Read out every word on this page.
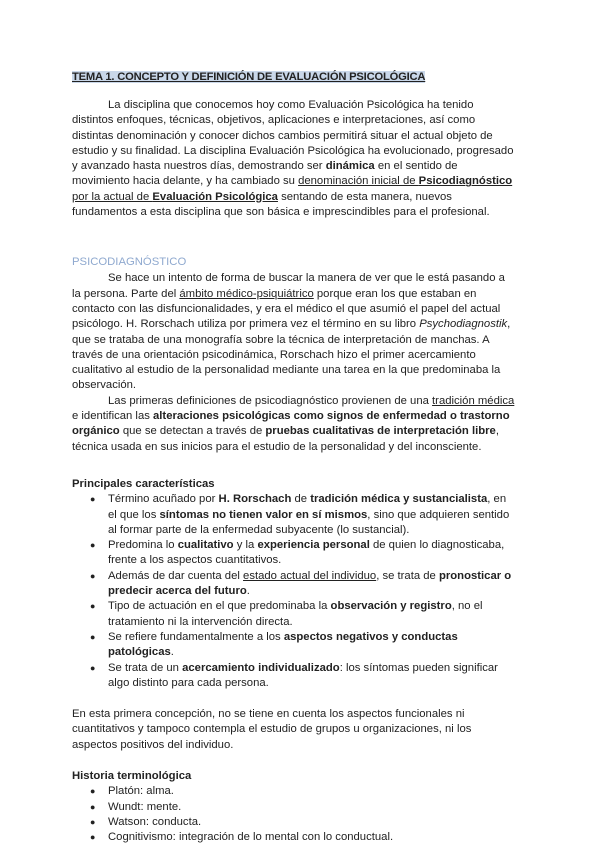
TEMA 1. CONCEPTO Y DEFINICIÓN DE EVALUACIÓN PSICOLÓGICA

La disciplina que conocemos hoy como Evaluación Psicológica ha tenido distintos enfoques, técnicas, objetivos, aplicaciones e interpretaciones, así como distintas denominación y conocer dichos cambios permitirá situar el actual objeto de estudio y su finalidad. La disciplina Evaluación Psicológica ha evolucionado, progresado y avanzado hasta nuestros días, demostrando ser dinámica en el sentido de movimiento hacia delante, y ha cambiado su denominación inicial de Psicodiagnóstico por la actual de Evaluación Psicológica sentando de esta manera, nuevos fundamentos a esta disciplina que son básica e imprescindibles para el profesional.

PSICODIAGNÓSTICO

Se hace un intento de forma de buscar la manera de ver que le está pasando a la persona. Parte del ámbito médico-psiquiátrico porque eran los que estaban en contacto con las disfuncionalidades, y era el médico el que asumió el papel del actual psicólogo. H. Rorschach utiliza por primera vez el término en su libro Psychodiagnostik, que se trataba de una monografía sobre la técnica de interpretación de manchas. A través de una orientación psicodinámica, Rorschach hizo el primer acercamiento cualitativo al estudio de la personalidad mediante una tarea en la que predominaba la observación.

Las primeras definiciones de psicodiagnóstico provienen de una tradición médica e identifican las alteraciones psicológicas como signos de enfermedad o trastorno orgánico que se detectan a través de pruebas cualitativas de interpretación libre, técnica usada en sus inicios para el estudio de la personalidad y del inconsciente.

Principales características
● Término acuñado por H. Rorschach de tradición médica y sustancialista, en el que los síntomas no tienen valor en sí mismos, sino que adquieren sentido al formar parte de la enfermedad subyacente (lo sustancial).
● Predomina lo cualitativo y la experiencia personal de quien lo diagnosticaba, frente a los aspectos cuantitativos.
● Además de dar cuenta del estado actual del individuo, se trata de pronosticar o predecir acerca del futuro.
● Tipo de actuación en el que predominaba la observación y registro, no el tratamiento ni la intervención directa.
● Se refiere fundamentalmente a los aspectos negativos y conductas patológicas.
● Se trata de un acercamiento individualizado: los síntomas pueden significar algo distinto para cada persona.

En esta primera concepción, no se tiene en cuenta los aspectos funcionales ni cuantitativos y tampoco contempla el estudio de grupos u organizaciones, ni los aspectos positivos del individuo.

Historia terminológica
● Platón: alma.
● Wundt: mente.
● Watson: conducta.
● Cognitivismo: integración de lo mental con lo conductual.
